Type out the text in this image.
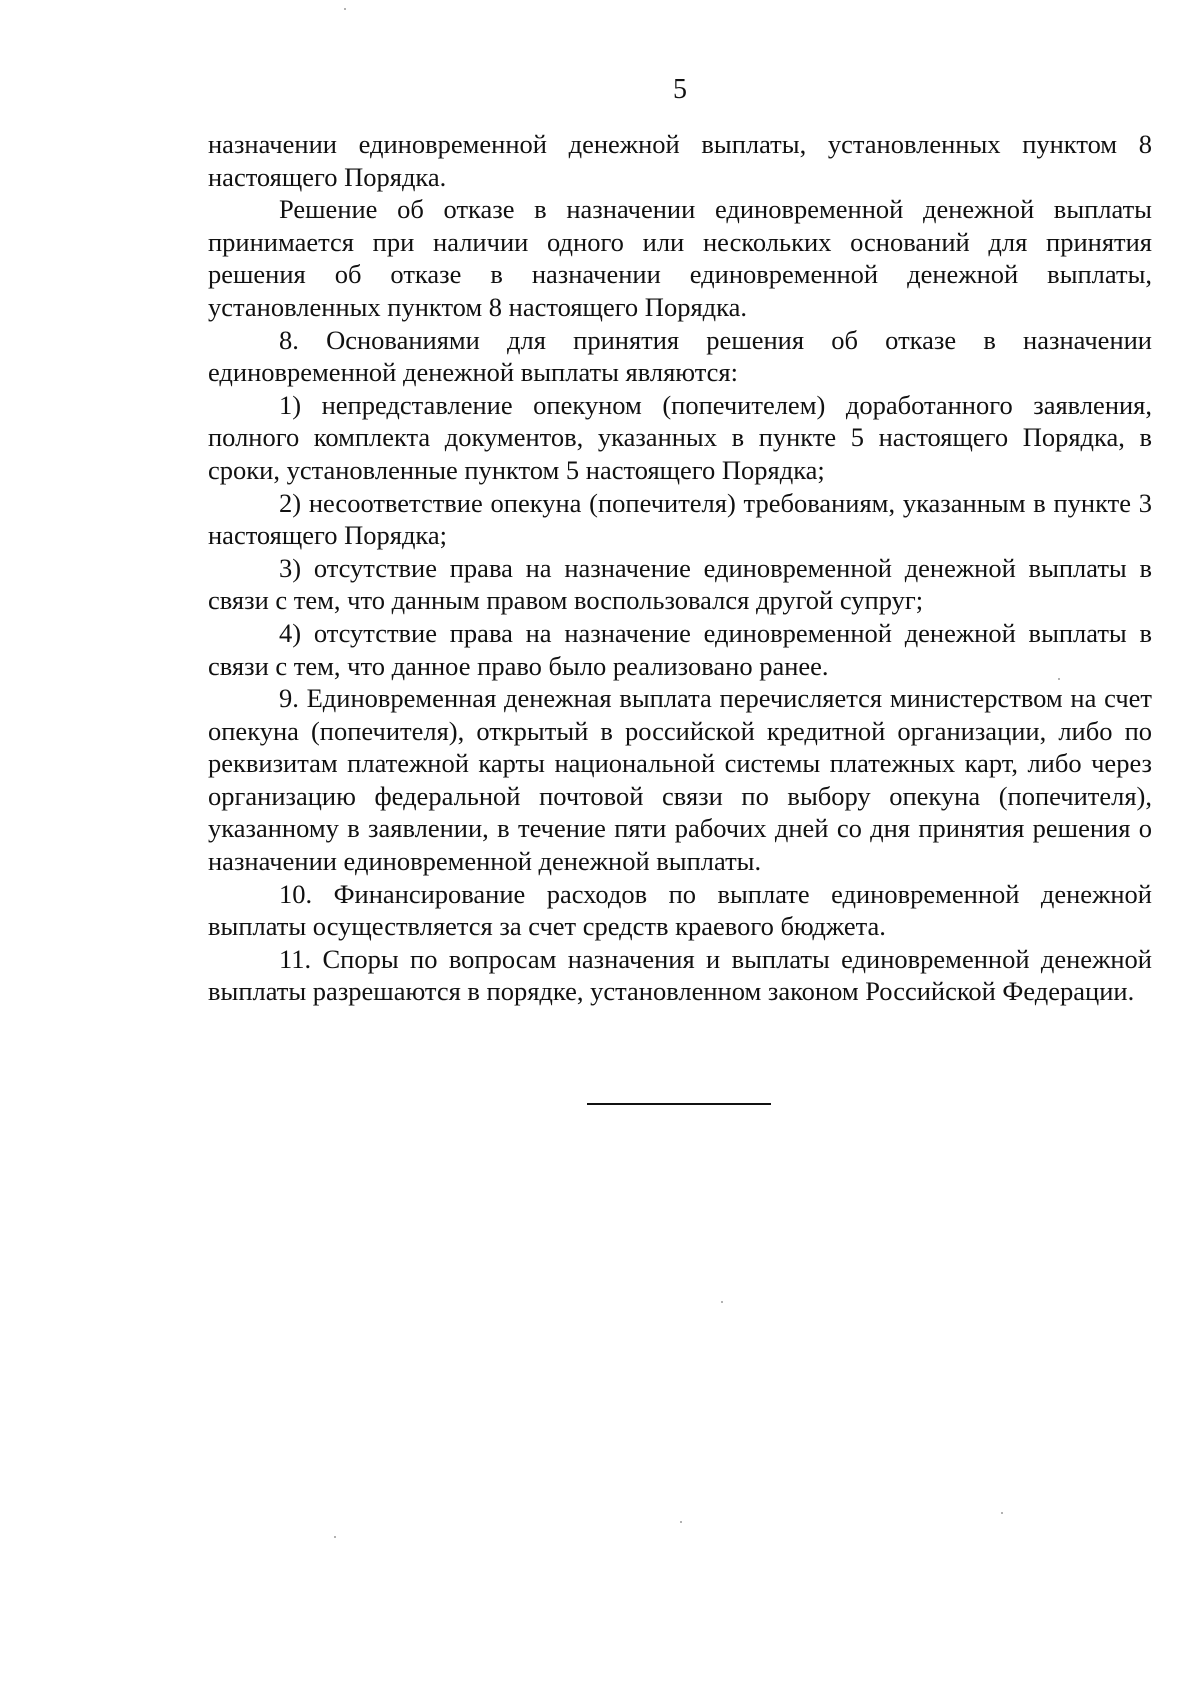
5

назначении единовременной денежной выплаты, установленных пунктом 8 настоящего Порядка.

Решение об отказе в назначении единовременной денежной выплаты принимается при наличии одного или нескольких оснований для принятия решения об отказе в назначении единовременной денежной выплаты, установленных пунктом 8 настоящего Порядка.

8. Основаниями для принятия решения об отказе в назначении единовременной денежной выплаты являются:

1) непредставление опекуном (попечителем) доработанного заявления, полного комплекта документов, указанных в пункте 5 настоящего Порядка, в сроки, установленные пунктом 5 настоящего Порядка;

2) несоответствие опекуна (попечителя) требованиям, указанным в пункте 3 настоящего Порядка;

3) отсутствие права на назначение единовременной денежной выплаты в связи с тем, что данным правом воспользовался другой супруг;

4) отсутствие права на назначение единовременной денежной выплаты в связи с тем, что данное право было реализовано ранее.

9. Единовременная денежная выплата перечисляется министерством на счет опекуна (попечителя), открытый в российской кредитной организации, либо по реквизитам платежной карты национальной системы платежных карт, либо через организацию федеральной почтовой связи по выбору опекуна (попечителя), указанному в заявлении, в течение пяти рабочих дней со дня принятия решения о назначении единовременной денежной выплаты.

10. Финансирование расходов по выплате единовременной денежной выплаты осуществляется за счет средств краевого бюджета.

11. Споры по вопросам назначения и выплаты единовременной денежной выплаты разрешаются в порядке, установленном законом Российской Федерации.
